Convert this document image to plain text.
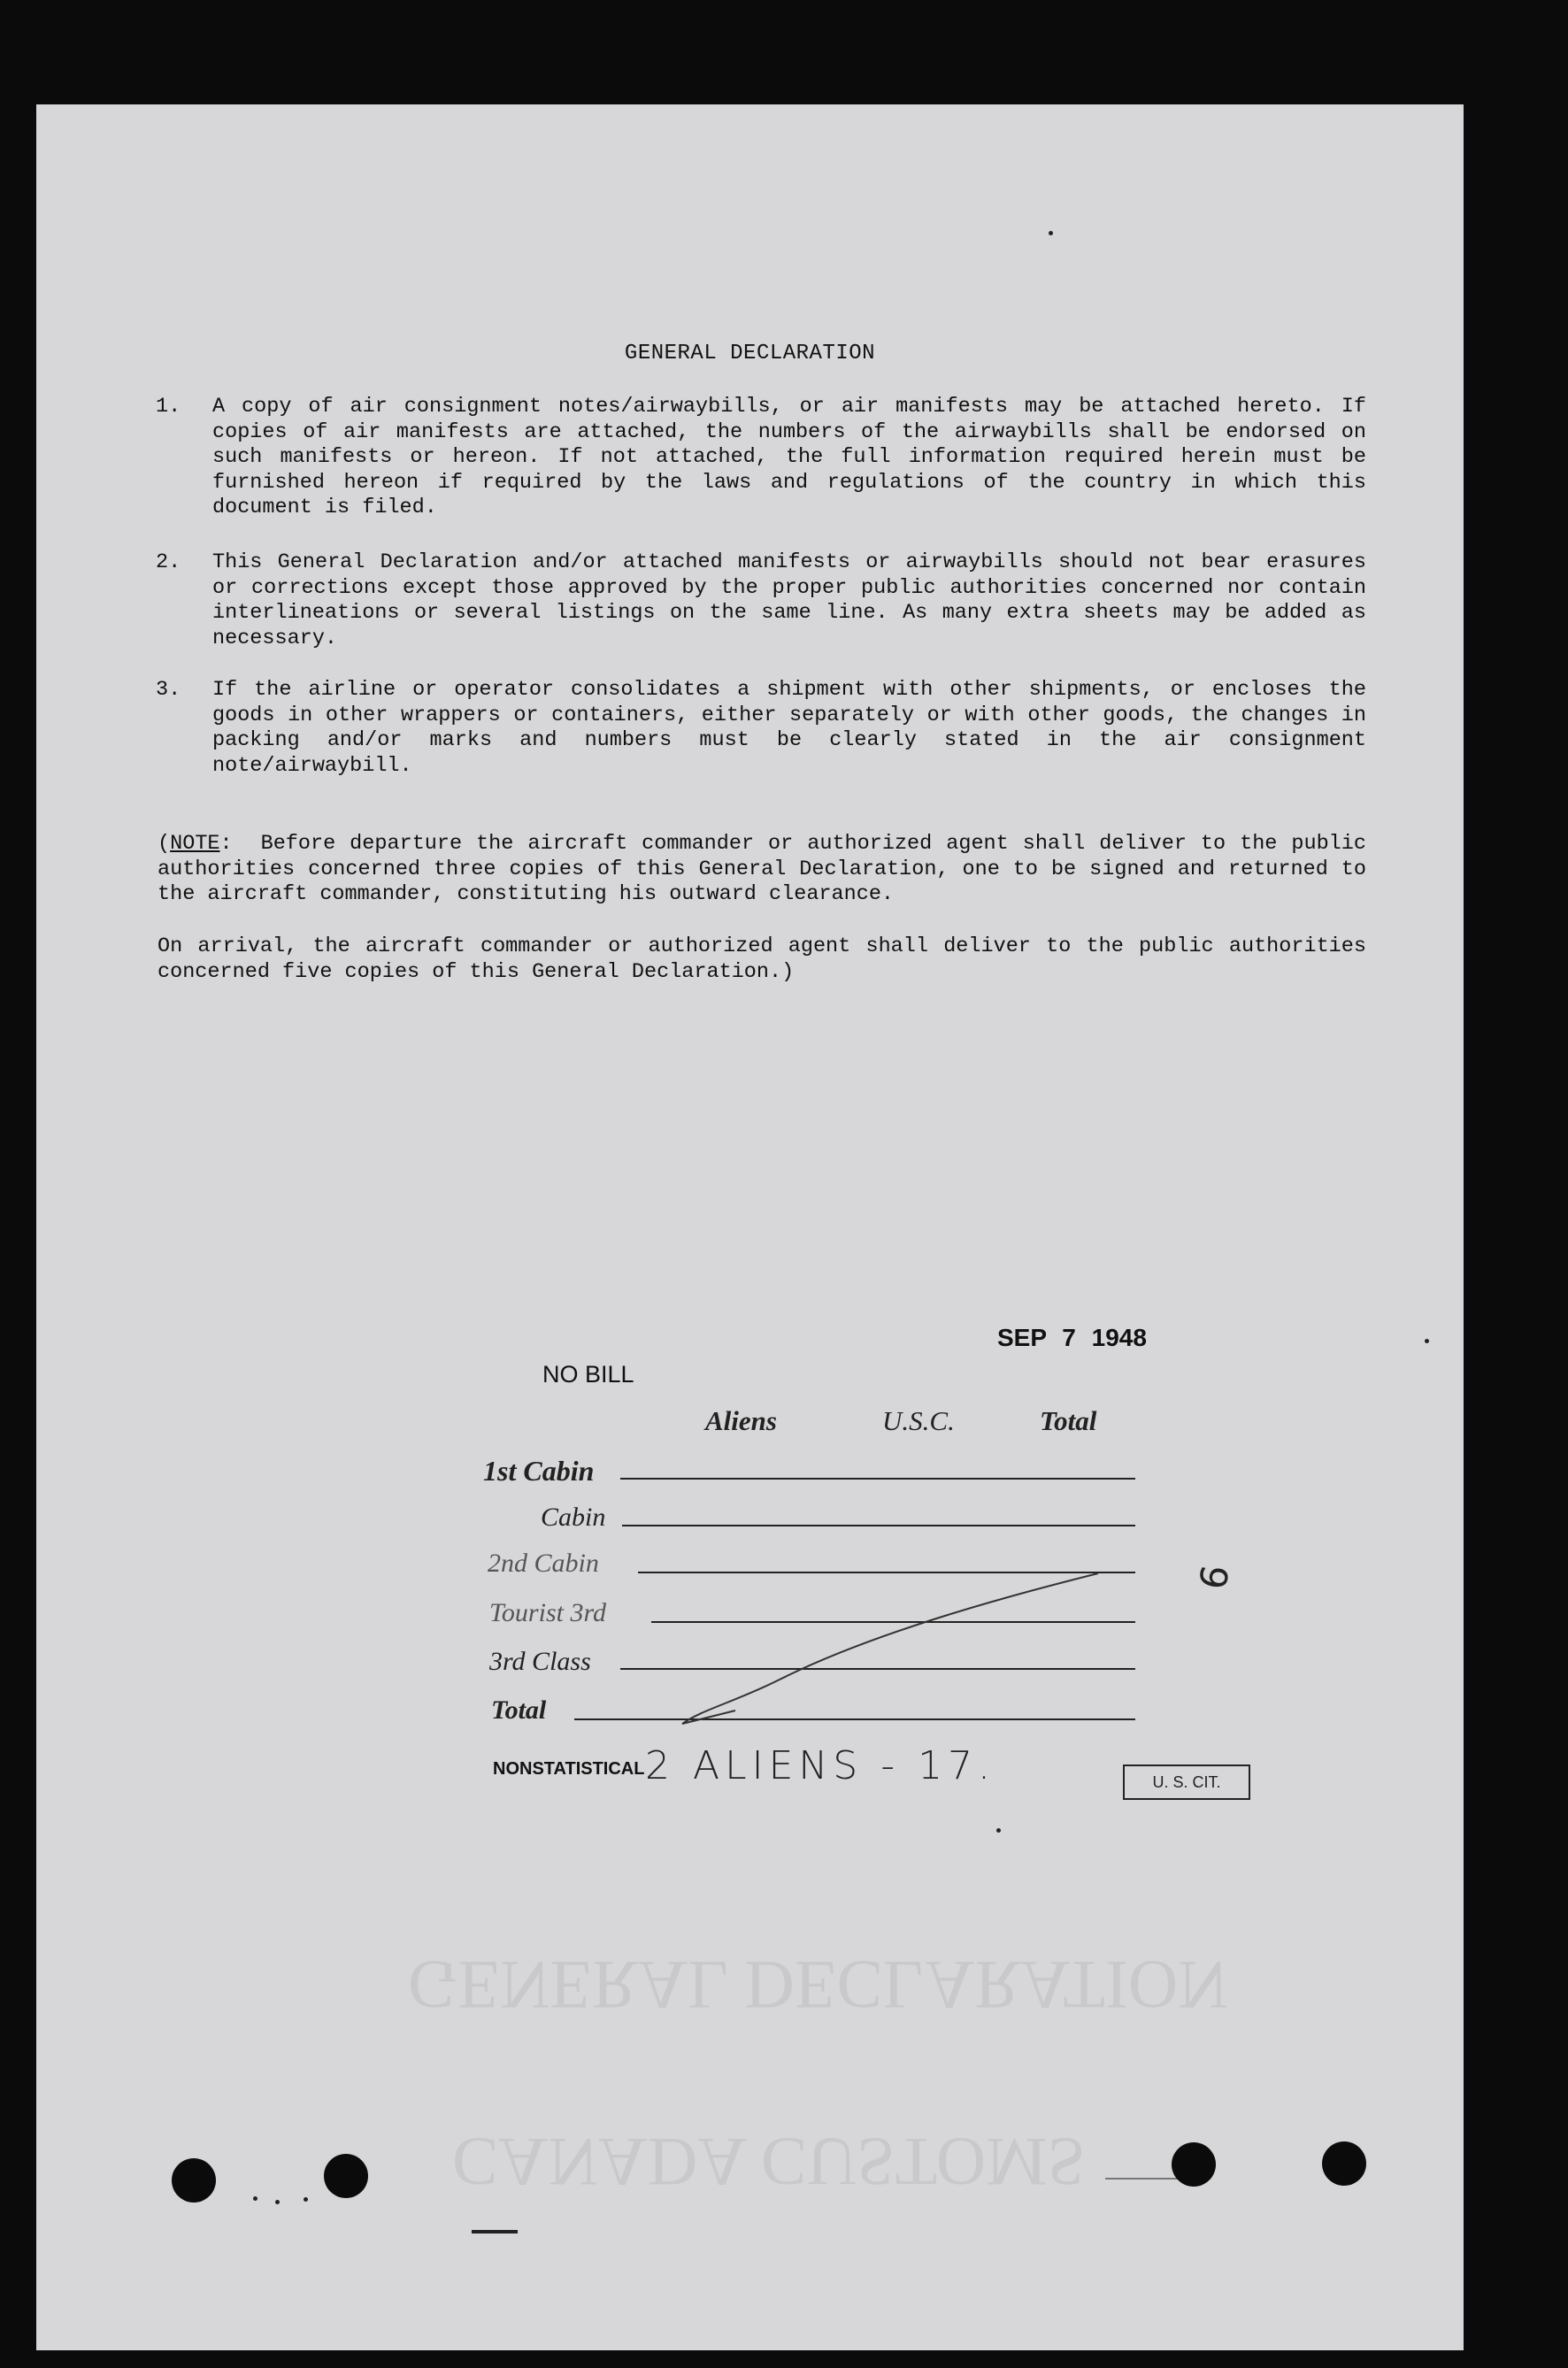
GENERAL DECLARATION
CANADA CUSTOMS
GENERAL DECLARATION
1. A copy of air consignment notes/airwaybills, or air manifests may be attached hereto. If copies of air manifests are attached, the numbers of the airwaybills shall be endorsed on such manifests or hereon. If not attached, the full information required herein must be furnished hereon if required by the laws and regulations of the country in which this document is filed.
2. This General Declaration and/or attached manifests or airwaybills should not bear erasures or corrections except those approved by the proper public authorities concerned nor contain interlineations or several listings on the same line. As many extra sheets may be added as necessary.
3. If the airline or operator consolidates a shipment with other shipments, or encloses the goods in other wrappers or containers, either separately or with other goods, the changes in packing and/or marks and numbers must be clearly stated in the air consignment note/airwaybill.
(NOTE:  Before departure the aircraft commander or authorized agent shall deliver to the public authorities concerned three copies of this General Declaration, one to be signed and returned to the aircraft commander, constituting his outward clearance.
On arrival, the aircraft commander or authorized agent shall deliver to the public authorities concerned five copies of this General Declaration.)
SEP 7 1948
NO BILL
Aliens	U.S.C.	Total
1st Cabin
Cabin
2nd Cabin
Tourist 3rd
3rd Class
Total
NONSTATISTICAL 2 ALIENS - 17.	U. S. CIT.
6
